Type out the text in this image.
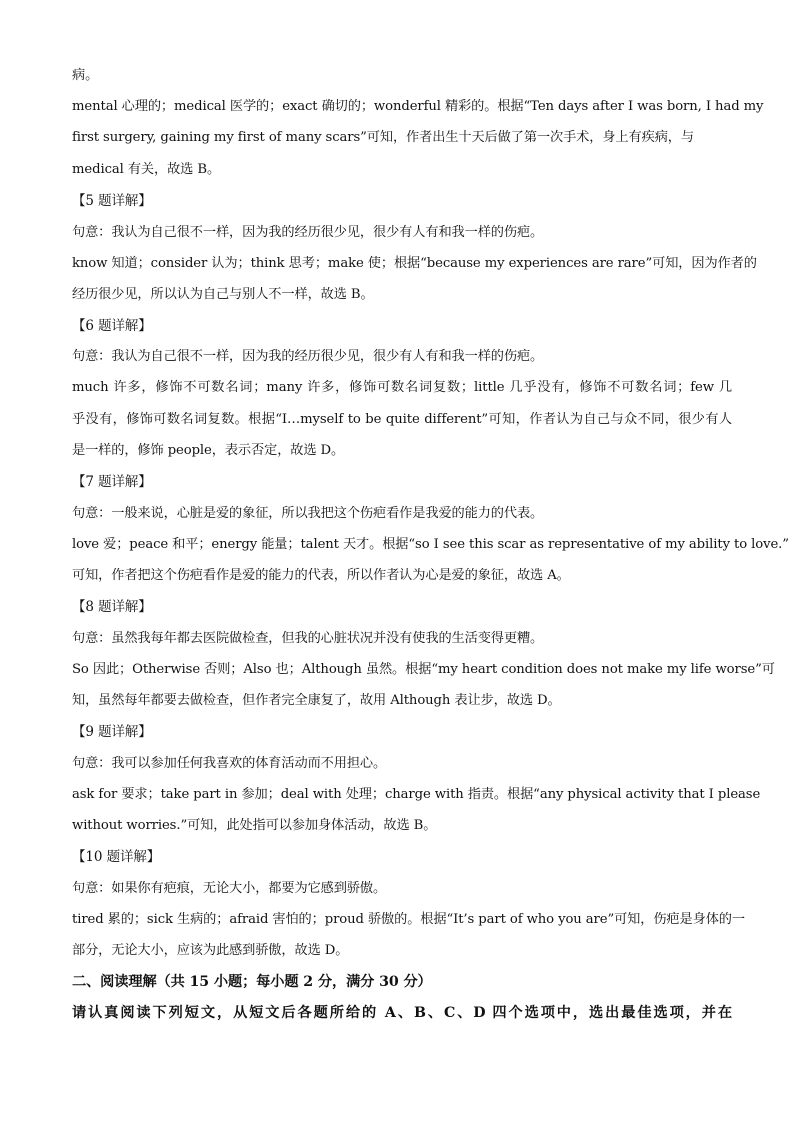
病。
mental 心理的；medical 医学的；exact 确切的；wonderful 精彩的。根据“Ten days after I was born, I had my
first surgery, gaining my first of many scars”可知，作者出生十天后做了第一次手术，身上有疾病，与
medical 有关，故选 B。
【5 题详解】
句意：我认为自己很不一样，因为我的经历很少见，很少有人有和我一样的伤疤。
know 知道；consider 认为；think 思考；make 使；根据“because my experiences are rare”可知，因为作者的
经历很少见，所以认为自己与别人不一样，故选 B。
【6 题详解】
句意：我认为自己很不一样，因为我的经历很少见，很少有人有和我一样的伤疤。
much 许多，修饰不可数名词；many 许多，修饰可数名词复数；little 几乎没有，修饰不可数名词；few 几
乎没有，修饰可数名词复数。根据“I…myself to be quite different”可知，作者认为自己与众不同，很少有人
是一样的，修饰 people，表示否定，故选 D。
【7 题详解】
句意：一般来说，心脏是爱的象征，所以我把这个伤疤看作是我爱的能力的代表。
love 爱；peace 和平；energy 能量；talent 天才。根据“so I see this scar as representative of my ability to love.”
可知，作者把这个伤疤看作是爱的能力的代表，所以作者认为心是爱的象征，故选 A。
【8 题详解】
句意：虽然我每年都去医院做检查，但我的心脏状况并没有使我的生活变得更糟。
So 因此；Otherwise 否则；Also 也；Although 虽然。根据“my heart condition does not make my life worse”可
知，虽然每年都要去做检查，但作者完全康复了，故用 Although 表让步，故选 D。
【9 题详解】
句意：我可以参加任何我喜欢的体育活动而不用担心。
ask for 要求；take part in 参加；deal with 处理；charge with 指责。根据“any physical activity that I please
without worries.”可知，此处指可以参加身体活动，故选 B。
【10 题详解】
句意：如果你有疤痕，无论大小，都要为它感到骄傲。
tired 累的；sick 生病的；afraid 害怕的；proud 骄傲的。根据“It’s part of who you are”可知，伤疤是身体的一
部分，无论大小，应该为此感到骄傲，故选 D。
二、阅读理解（共 15 小题；每小题 2 分，满分 30 分）
请认真阅读下列短文，从短文后各题所给的 A、B、C、D 四个选项中，选出最佳选项，并在
